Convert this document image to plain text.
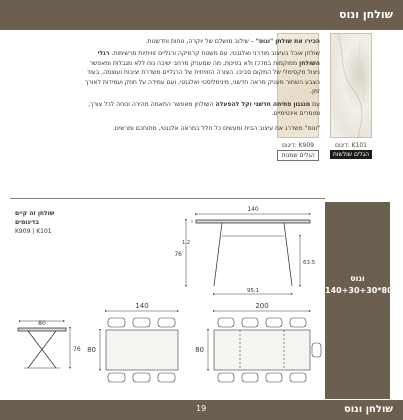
שולחן ונוס
דיגום: K909
הגלים שמנות
דיגום: K101
הגלים שולשות

הכירו את שולחן "ונוס" – שילוב מושלם של יוקרה, נוחות וחדשנות.

שולחן אוכל בעיצוב מודרני ואלגנטי, עם משטח קרמיקה ורגליים זוויתיות מרשימות. רגלי השולחן ממוקמות במרכז ולא בפינות, מה שמעניק מרחב ישיבה נוח ללא מגבלות ומאפשר ניצול מקסימלי של המקום סביבו. הצורה הזוויתית של הרגליים משדרת יציבות ועוצמה, בעוד הצבע השחור מעניק מראה חדשני, מינימליסטי ואלגנטי, ועם עמידה על חוזק ועמידות לאורך זמן.

עם מנגנון פתיחה חדשני וקל להפעלה השולחן מאפשר התאמה מהירה ונוחה לכל צורך, ומומרים אינטימיים.

"ונוס" משדרג את עיצוב הבית ומעשים כל חלל במראה אלגנטי, מתוחכם ומרשים.

שולחן זה קיים
בדיגומים
K909 | K101
ונוס
140+30+30*80
140
76
1.2
63.5
95.1
80
76
140
80
200
80
שולחן ונוס
19
